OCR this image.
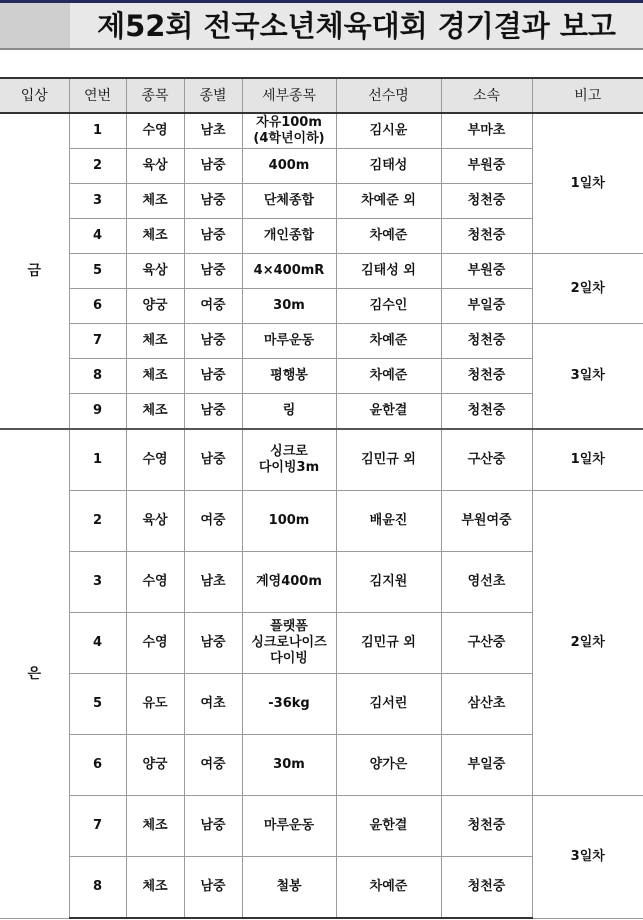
제52회 전국소년체육대회 경기결과 보고
입상	연번	종목	종별	세부종목	선수명	소속	비고
금	1	수영	남초	자유100m
(4학년이하)	김시윤	부마초	1일차
	2	육상	남중	400m	김태성	부원중	
	3	체조	남중	단체종합	차예준 외	청천중	
	4	체조	남중	개인종합	차예준	청천중	
	5	육상	남중	4×400mR	김태성 외	부원중	2일차
	6	양궁	여중	30m	김수인	부일중	
	7	체조	남중	마루운동	차예준	청천중	3일차
	8	체조	남중	평행봉	차예준	청천중	
	9	체조	남중	링	윤한결	청천중	
은	1	수영	남중	싱크로
다이빙3m	김민규 외	구산중	1일차
	2	육상	여중	100m	배윤진	부원여중	2일차
	3	수영	남초	계영400m	김지원	영선초	
	4	수영	남중	플랫폼
싱크로나이즈
다이빙	김민규 외	구산중	
	5	유도	여초	-36kg	김서린	삼산초	
	6	양궁	여중	30m	양가은	부일중	
	7	체조	남중	마루운동	윤한결	청천중	3일차
	8	체조	남중	철봉	차예준	청천중	
